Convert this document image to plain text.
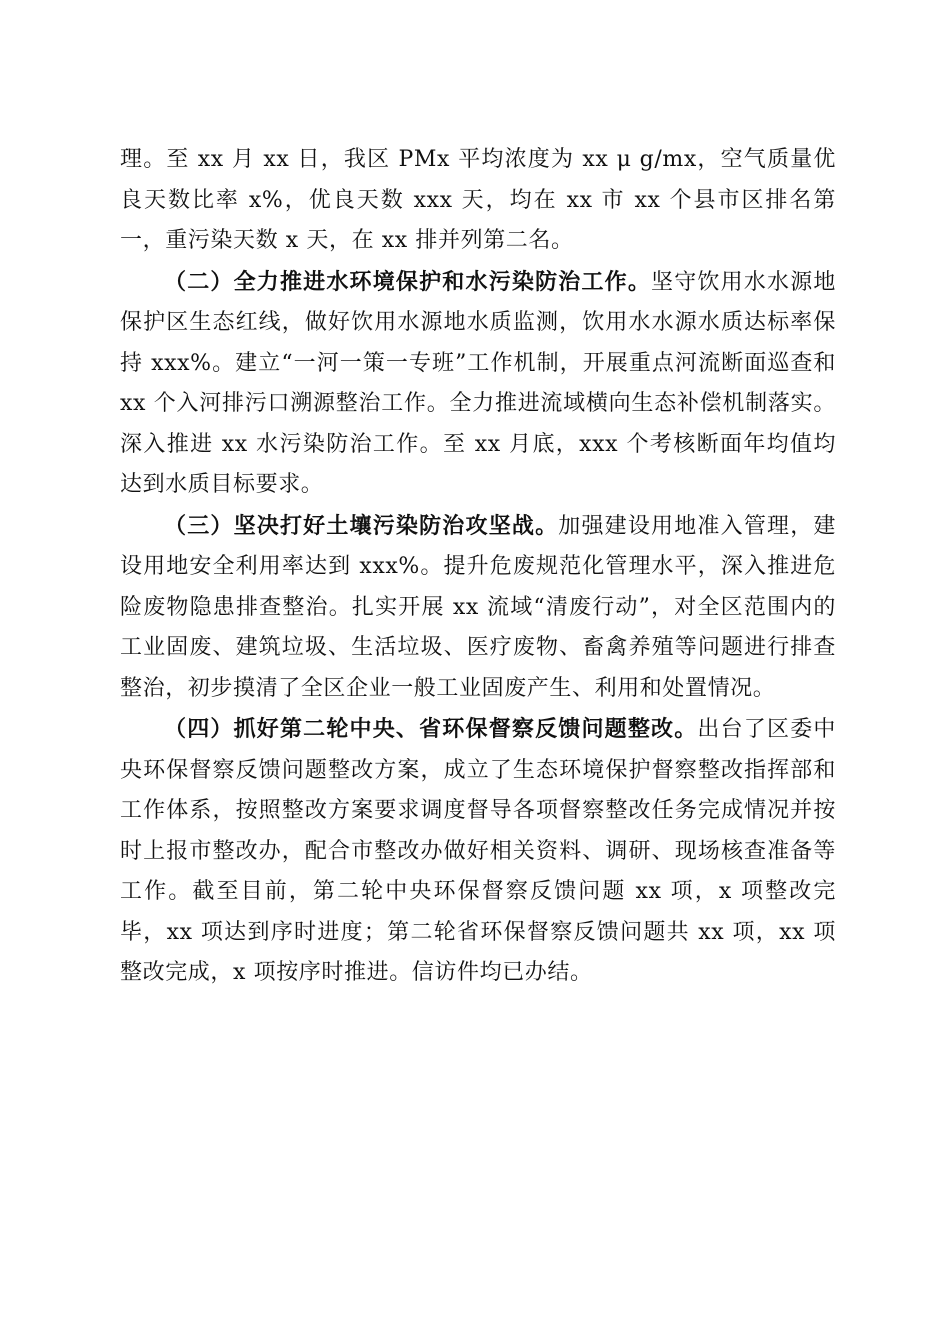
理。至 xx 月 xx 日，我区 PMx 平均浓度为 xx μ g/mx，空气质量优良天数比率 x%，优良天数 xxx 天，均在 xx 市 xx 个县市区排名第一，重污染天数 x 天，在 xx 排并列第二名。

（二）全力推进水环境保护和水污染防治工作。坚守饮用水水源地保护区生态红线，做好饮用水源地水质监测，饮用水水源水质达标率保持 xxx%。建立“一河一策一专班”工作机制，开展重点河流断面巡查和 xx 个入河排污口溯源整治工作。全力推进流域横向生态补偿机制落实。深入推进 xx 水污染防治工作。至 xx 月底，xxx 个考核断面年均值均达到水质目标要求。

（三）坚决打好土壤污染防治攻坚战。加强建设用地准入管理，建设用地安全利用率达到 xxx%。提升危废规范化管理水平，深入推进危险废物隐患排查整治。扎实开展 xx 流域“清废行动”，对全区范围内的工业固废、建筑垃圾、生活垃圾、医疗废物、畜禽养殖等问题进行排查整治，初步摸清了全区企业一般工业固废产生、利用和处置情况。

（四）抓好第二轮中央、省环保督察反馈问题整改。出台了区委中央环保督察反馈问题整改方案，成立了生态环境保护督察整改指挥部和工作体系，按照整改方案要求调度督导各项督察整改任务完成情况并按时上报市整改办，配合市整改办做好相关资料、调研、现场核查准备等工作。截至目前，第二轮中央环保督察反馈问题 xx 项，x 项整改完毕，xx 项达到序时进度；第二轮省环保督察反馈问题共 xx 项，xx 项整改完成，x 项按序时推进。信访件均已办结。
